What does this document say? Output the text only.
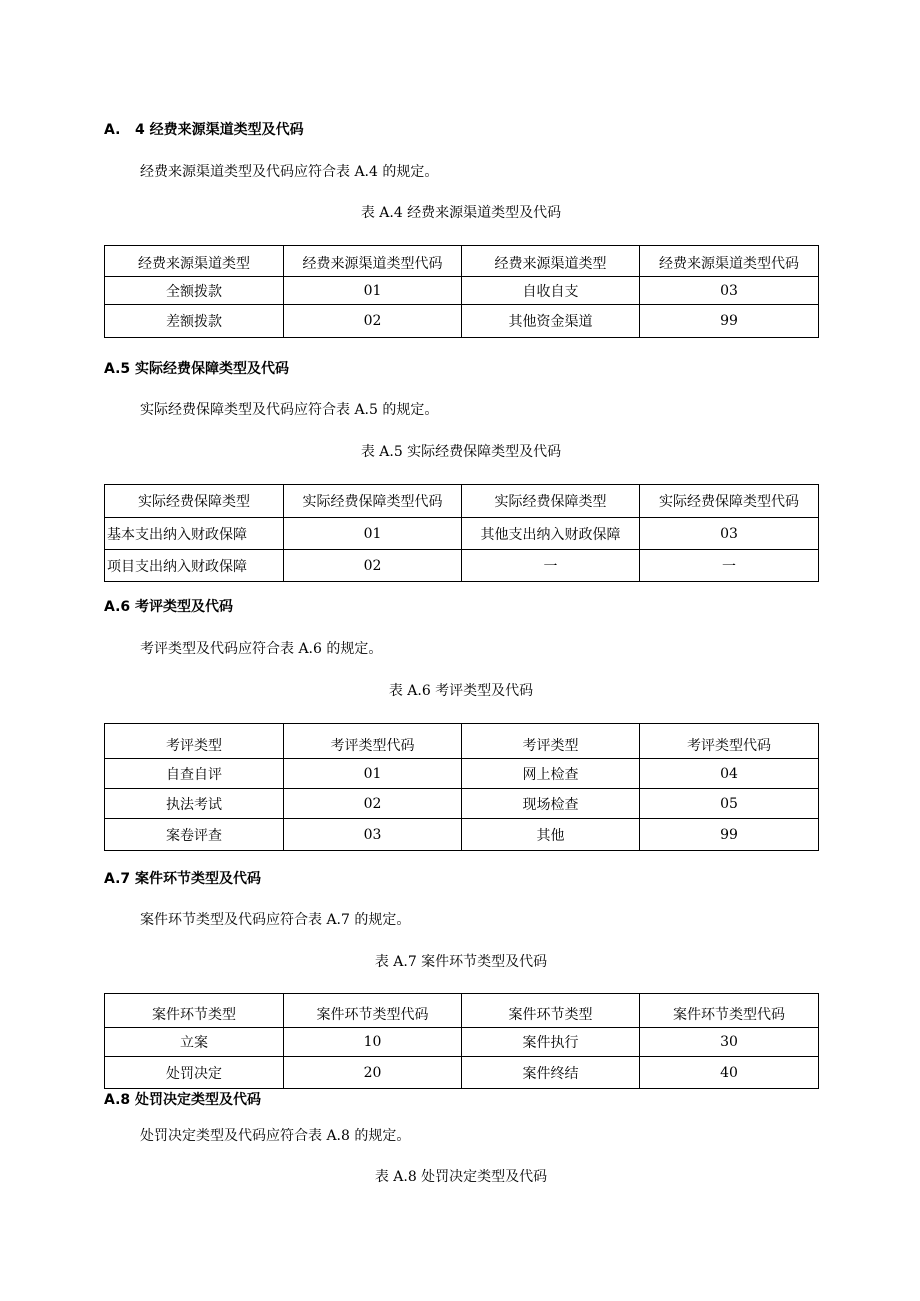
A.   4 经费来源渠道类型及代码
经费来源渠道类型及代码应符合表 A.4 的规定。
表 A.4 经费来源渠道类型及代码
经费来源渠道类型	经费来源渠道类型代码	经费来源渠道类型	经费来源渠道类型代码
全额拨款	01	自收自支	03
差额拨款	02	其他资金渠道	99
A.5 实际经费保障类型及代码
实际经费保障类型及代码应符合表 A.5 的规定。
表 A.5 实际经费保障类型及代码
实际经费保障类型	实际经费保障类型代码	实际经费保障类型	实际经费保障类型代码
基本支出纳入财政保障	01	其他支出纳入财政保障	03
项目支出纳入财政保障	02	一	一
A.6 考评类型及代码
考评类型及代码应符合表 A.6 的规定。
表 A.6 考评类型及代码
考评类型	考评类型代码	考评类型	考评类型代码
自查自评	01	网上检查	04
执法考试	02	现场检查	05
案卷评查	03	其他	99
A.7 案件环节类型及代码
案件环节类型及代码应符合表 A.7 的规定。
表 A.7 案件环节类型及代码
案件环节类型	案件环节类型代码	案件环节类型	案件环节类型代码
立案	10	案件执行	30
处罚决定	20	案件终结	40
A.8 处罚决定类型及代码
处罚决定类型及代码应符合表 A.8 的规定。
表 A.8 处罚决定类型及代码
